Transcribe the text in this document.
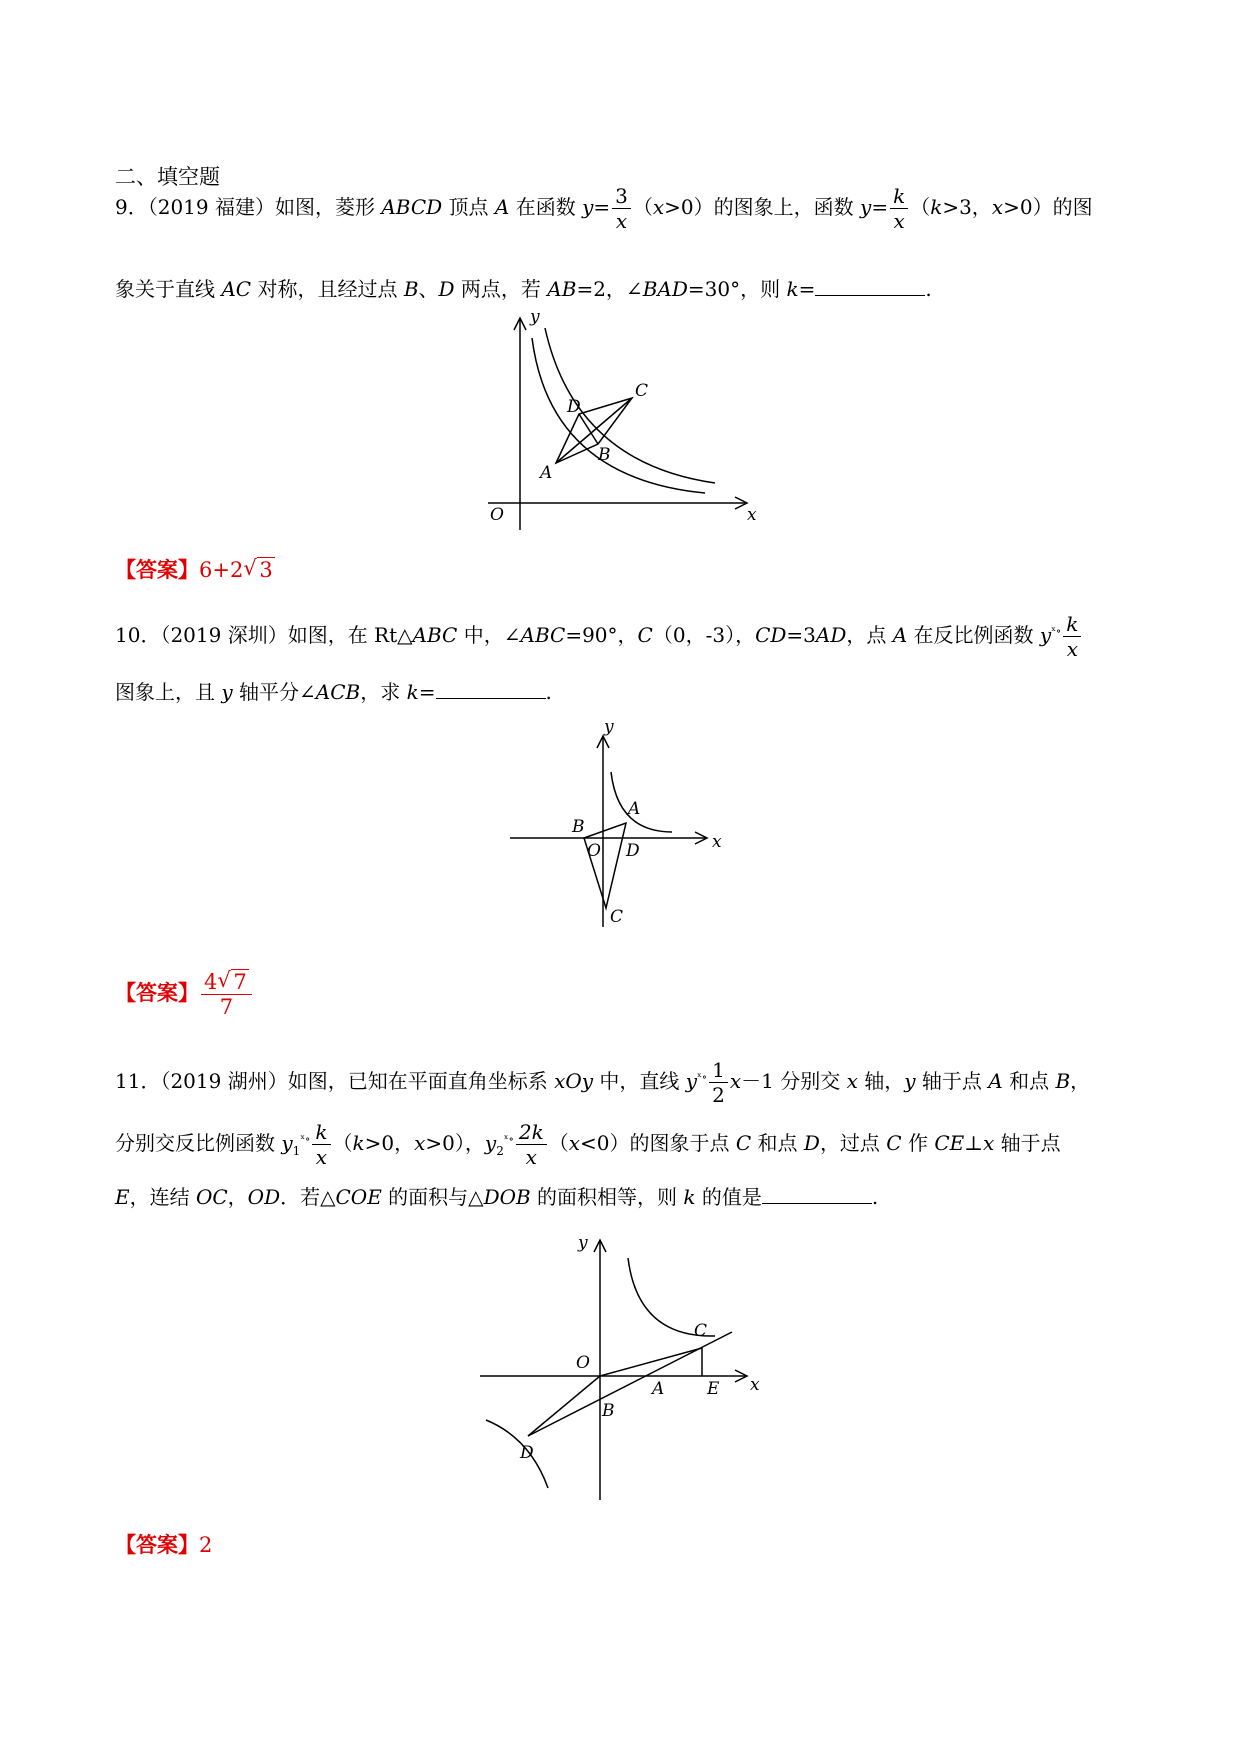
二、填空题
9．（2019 福建）如图，菱形 ABCD 顶点 A 在函数 $y= \frac{3}{x} (x>0)$的图象上，函数 $y= \frac{k}{x} (k>3$，x>0）的图
象关于直线 AC 对称，且经过点 B、D 两点，若 AB=2，∠BAD=30°，则 k=	.
y
x
O
A
B
C
D
【答案】6+2 √ 3
10．（2019 深圳）如图，在 Rt△ABC 中，∠ABC=90°，C（0，-3），CD=3AD，点 A 在反比例函数 $y^{ˣ\circ} \frac{k}{x}$
图象上，且 y 轴平分∠ACB，求 k=	.
y
x
O
A
B
C
D
【答案】 $\frac{4 √ 7}{7}$
11．（2019 湖州）如图，已知在平面直角坐标系 xOy 中，直线 $y^{ˣ\circ} \frac{1}{2} x-1$ 分别交 x 轴，y 轴于点 A 和点 B，
分别交反比例函数 $y_1^{ˣ\circ} \frac{k}{x} (k>0$，x>0），$y_2^{ˣ\circ} \frac{2k}{x} (x<0)$的图象于点 C 和点 D，过点 C 作 CE⊥x 轴于点
E，连结 OC，OD．若△COE 的面积与△DOB 的面积相等，则 k 的值是	.
y
x
O
A
B
C
D
E
【答案】2
